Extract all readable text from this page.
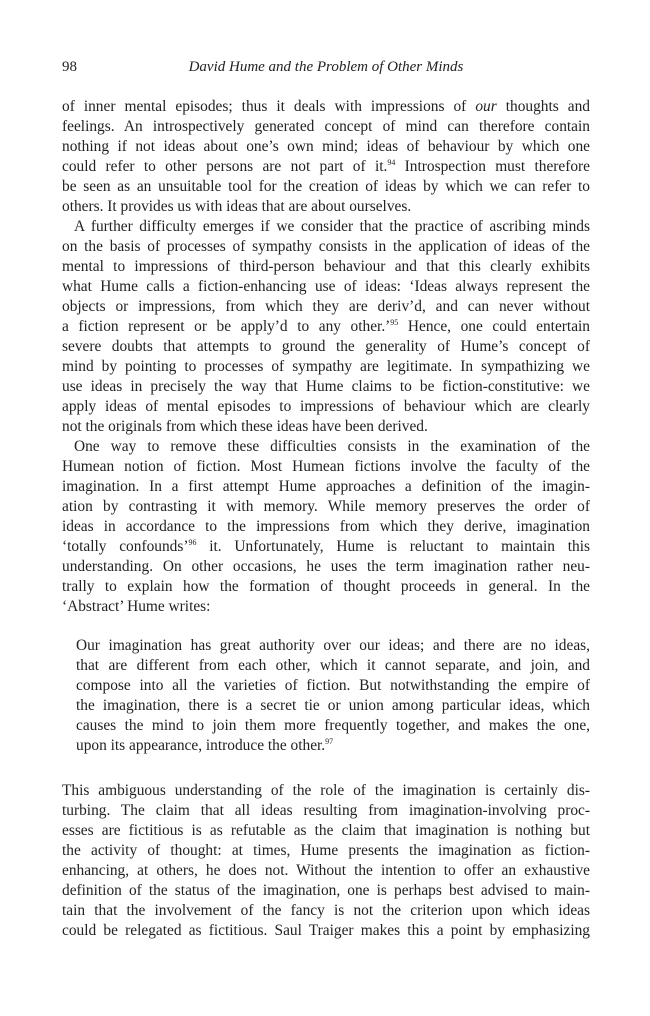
98	David Hume and the Problem of Other Minds
of inner mental episodes; thus it deals with impressions of our thoughts and
feelings. An introspectively generated concept of mind can therefore contain
nothing if not ideas about one’s own mind; ideas of behaviour by which one
could refer to other persons are not part of it.$^{94}$ Introspection must therefore
be seen as an unsuitable tool for the creation of ideas by which we can refer to
others. It provides us with ideas that are about ourselves.
A further difficulty emerges if we consider that the practice of ascribing minds
on the basis of processes of sympathy consists in the application of ideas of the
mental to impressions of third-person behaviour and that this clearly exhibits
what Hume calls a fiction-enhancing use of ideas: ‘Ideas always represent the
objects or impressions, from which they are deriv’d, and can never without
a fiction represent or be apply’d to any other.’$^{95}$ Hence, one could entertain
severe doubts that attempts to ground the generality of Hume’s concept of
mind by pointing to processes of sympathy are legitimate. In sympathizing we
use ideas in precisely the way that Hume claims to be fiction-constitutive: we
apply ideas of mental episodes to impressions of behaviour which are clearly
not the originals from which these ideas have been derived.
One way to remove these difficulties consists in the examination of the
Humean notion of fiction. Most Humean fictions involve the faculty of the
imagination. In a first attempt Hume approaches a definition of the imagin-
ation by contrasting it with memory. While memory preserves the order of
ideas in accordance to the impressions from which they derive, imagination
‘totally confounds’$^{96}$ it. Unfortunately, Hume is reluctant to maintain this
understanding. On other occasions, he uses the term imagination rather neu-
trally to explain how the formation of thought proceeds in general. In the
‘Abstract’ Hume writes:
Our imagination has great authority over our ideas; and there are no ideas,
that are different from each other, which it cannot separate, and join, and
compose into all the varieties of fiction. But notwithstanding the empire of
the imagination, there is a secret tie or union among particular ideas, which
causes the mind to join them more frequently together, and makes the one,
upon its appearance, introduce the other.$^{97}$
This ambiguous understanding of the role of the imagination is certainly dis-
turbing. The claim that all ideas resulting from imagination-involving proc-
esses are fictitious is as refutable as the claim that imagination is nothing but
the activity of thought: at times, Hume presents the imagination as fiction-
enhancing, at others, he does not. Without the intention to offer an exhaustive
definition of the status of the imagination, one is perhaps best advised to main-
tain that the involvement of the fancy is not the criterion upon which ideas
could be relegated as fictitious. Saul Traiger makes this a point by emphasizing
